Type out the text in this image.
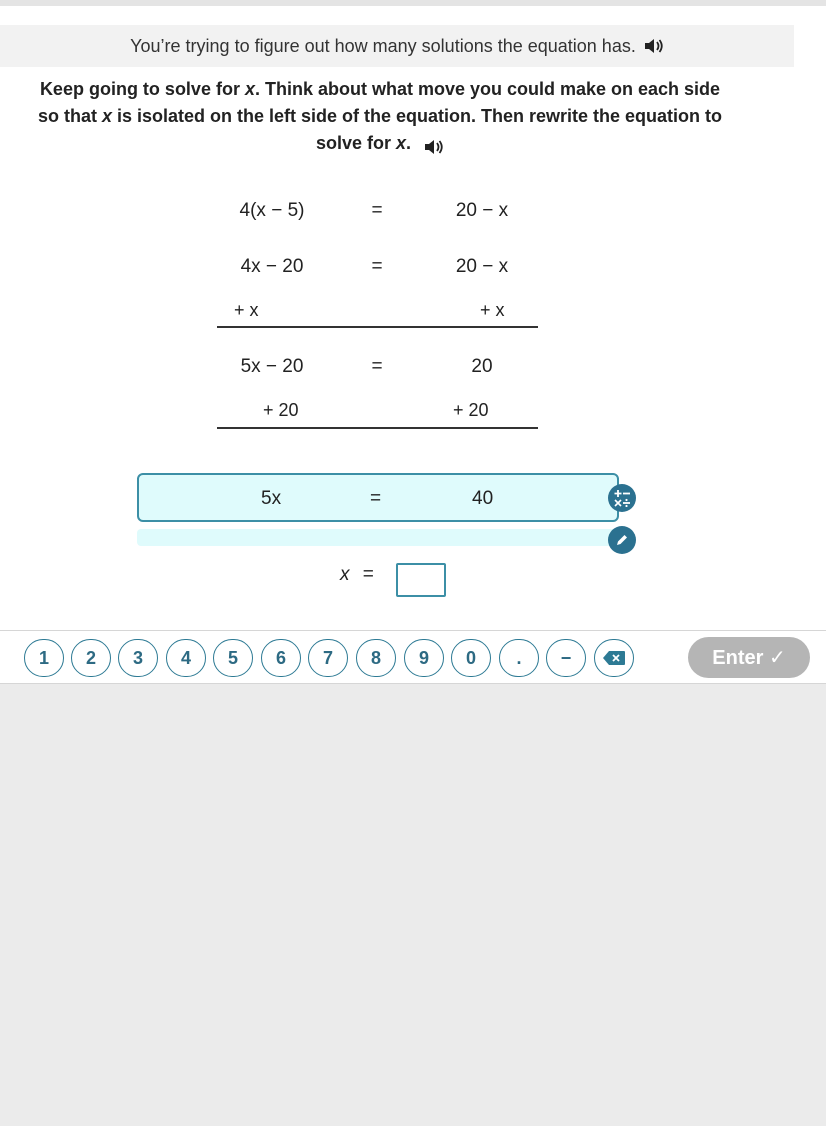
You’re trying to figure out how many solutions the equation has.
Keep going to solve for x. Think about what move you could make on each side so that x is isolated on the left side of the equation. Then rewrite the equation to solve for x.
4(x − 5)	=	20 − x
4x − 20	=	20 − x
+ x	+ x
5x − 20	=	20
+ 20	+ 20
5x	=	40
x =
1	2	3	4	5	6	7	8	9	0	.	−	Enter ✓
